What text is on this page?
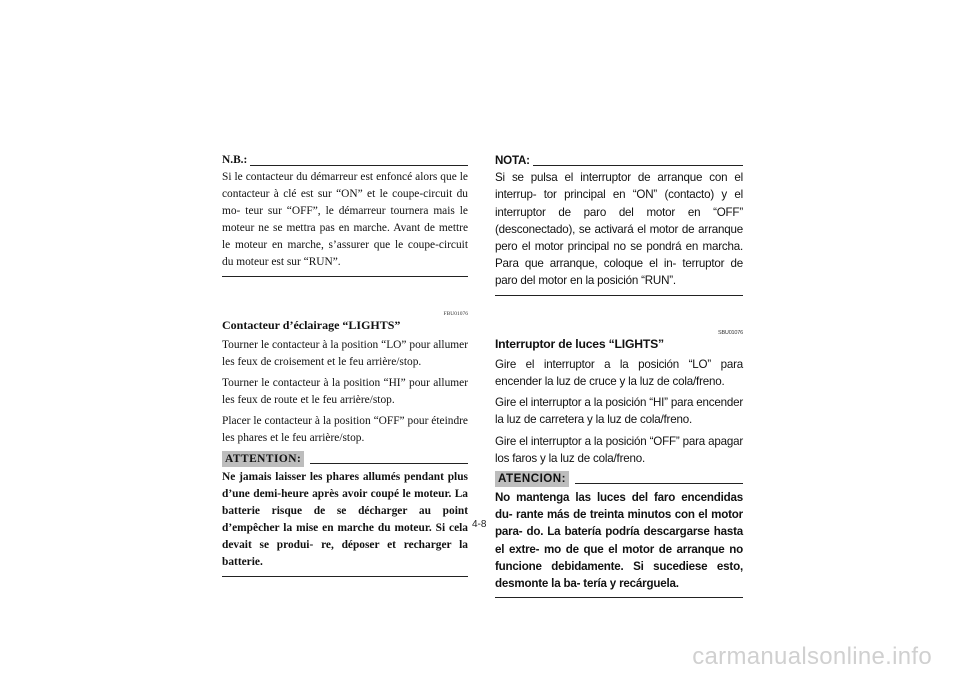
N.B.:

Si le contacteur du démarreur est enfoncé alors que le contacteur à clé est sur “ON” et le coupe-circuit du mo- teur sur “OFF”, le démarreur tournera mais le moteur ne se mettra pas en marche. Avant de mettre le moteur en marche, s’assurer que le coupe-circuit du moteur est sur “RUN”.

FBU01076
Contacteur d’éclairage “LIGHTS”

Tourner le contacteur à la position “LO” pour allumer les feux de croisement et le feu arrière/stop.

Tourner le contacteur à la position “HI” pour allumer les feux de route et le feu arrière/stop.

Placer le contacteur à la position “OFF” pour éteindre les phares et le feu arrière/stop.

ATTENTION:

Ne jamais laisser les phares allumés pendant plus d’une demi-heure après avoir coupé le moteur. La batterie risque de se décharger au point d’empêcher la mise en marche du moteur. Si cela devait se produi- re, déposer et recharger la batterie.

NOTA:

Si se pulsa el interruptor de arranque con el interrup- tor principal en “ON” (contacto) y el interruptor de paro del motor en “OFF” (desconectado), se activará el motor de arranque pero el motor principal no se pondrá en marcha. Para que arranque, coloque el in- terruptor de paro del motor en la posición “RUN”.

SBU01076
Interruptor de luces “LIGHTS”

Gire el interruptor a la posición “LO” para encender la luz de cruce y la luz de cola/freno.

Gire el interruptor a la posición “HI” para encender la luz de carretera y la luz de cola/freno.

Gire el interruptor a la posición “OFF” para apagar los faros y la luz de cola/freno.

ATENCION:

No mantenga las luces del faro encendidas du- rante más de treinta minutos con el motor para- do. La batería podría descargarse hasta el extre- mo de que el motor de arranque no funcione debidamente. Si sucediese esto, desmonte la ba- tería y recárguela.

4-8
carmanualsonline.info
